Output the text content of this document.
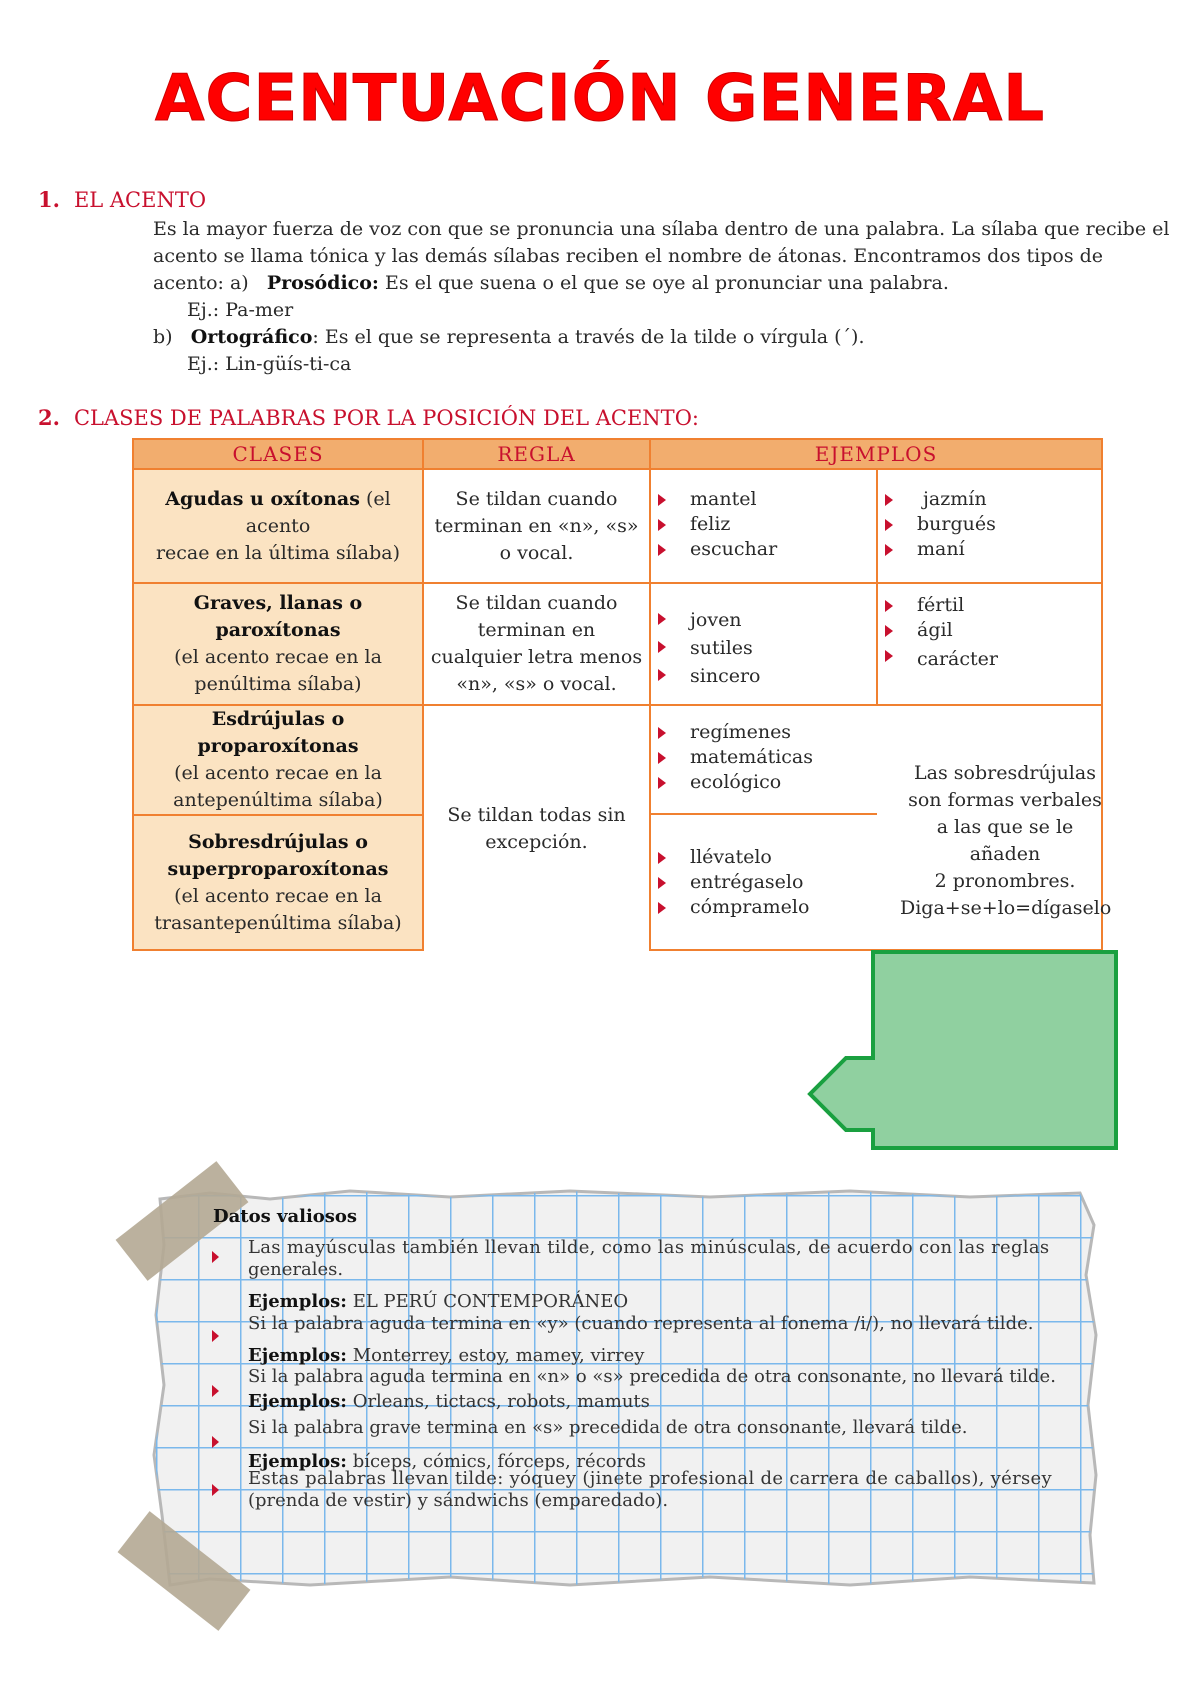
ACENTUACIÓN GENERAL
1. EL ACENTO
Es la mayor fuerza de voz con que se pronuncia una sílaba dentro de una palabra. La sílaba que recibe el
acento se llama tónica y las demás sílabas reciben el nombre de átonas. Encontramos dos tipos de
acento: a) Prosódico: Es el que suena o el que se oye al pronunciar una palabra.
Ej.: Pa-mer
b) Ortográfico: Es el que se representa a través de la tilde o vírgula (´).
Ej.: Lin-güís-ti-ca
2. CLASES DE PALABRAS POR LA POSICIÓN DEL ACENTO:
CLASES	REGLA	EJEMPLOS
Agudas u oxítonas (el acento
recae en la última sílaba)
Se tildan cuando terminan en «n», «s» o vocal.
mantel
feliz
escuchar
jazmín
burgués
maní
Graves, llanas o paroxítonas
(el acento recae en la penúltima sílaba)
Se tildan cuando terminan en cualquier letra menos «n», «s» o vocal.
joven
sutiles
sincero
fértil
ágil
carácter
Esdrújulas o proparoxítonas
(el acento recae en la antepenúltima sílaba)
Sobresdrújulas o superproparoxítonas
(el acento recae en la trasantepenúltima sílaba)
Se tildan todas sin excepción.
regímenes
matemáticas
ecológico
llévatelo
entrégaselo
cómpramelo
Las sobresdrújulas
son formas verbales
a las que se le añaden
2 pronombres.
Diga+se+lo=dígaselo
Datos valiosos
Las mayúsculas también llevan tilde, como las minúsculas, de acuerdo con las reglas
generales.
Ejemplos: EL PERÚ CONTEMPORÁNEO
Si la palabra aguda termina en «y» (cuando representa al fonema /i/), no llevará tilde.
Ejemplos: Monterrey, estoy, mamey, virrey
Si la palabra aguda termina en «n» o «s» precedida de otra consonante, no llevará tilde.
Ejemplos: Orleans, tictacs, robots, mamuts
Si la palabra grave termina en «s» precedida de otra consonante, llevará tilde.
Ejemplos: bíceps, cómics, fórceps, récords
Estas palabras llevan tilde: yóquey (jinete profesional de carrera de caballos), yérsey
(prenda de vestir) y sándwichs (emparedado).
